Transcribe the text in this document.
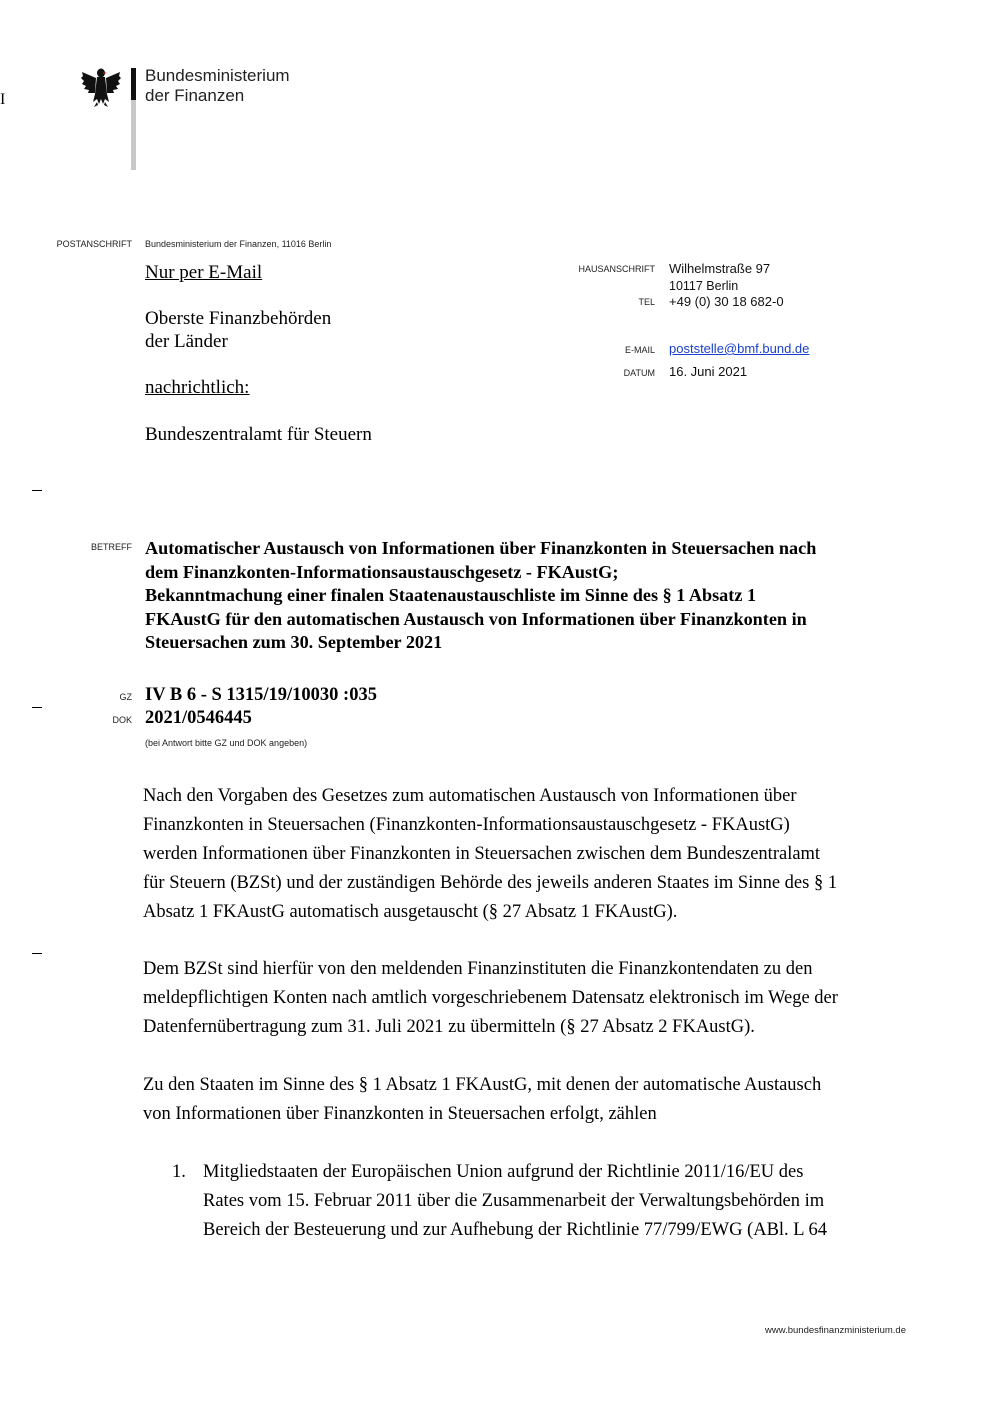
I
Bundesministerium
der Finanzen
POSTANSCHRIFT Bundesministerium der Finanzen, 11016 Berlin
Nur per E-Mail
Oberste Finanzbehörden
der Länder
nachrichtlich:
Bundeszentralamt für Steuern
HAUSANSCHRIFT Wilhelmstraße 97
10117 Berlin
TEL +49 (0) 30 18 682-0
E-MAIL poststelle@bmf.bund.de
DATUM 16. Juni 2021
BETREFF Automatischer Austausch von Informationen über Finanzkonten in Steuersachen nach
dem Finanzkonten-Informationsaustauschgesetz - FKAustG;
Bekanntmachung einer finalen Staatenaustauschliste im Sinne des § 1 Absatz 1
FKAustG für den automatischen Austausch von Informationen über Finanzkonten in
Steuersachen zum 30. September 2021
GZ IV B 6 - S 1315/19/10030 :035
DOK 2021/0546445
(bei Antwort bitte GZ und DOK angeben)

Nach den Vorgaben des Gesetzes zum automatischen Austausch von Informationen über

Finanzkonten in Steuersachen (Finanzkonten-Informationsaustauschgesetz - FKAustG)

werden Informationen über Finanzkonten in Steuersachen zwischen dem Bundeszentralamt

für Steuern (BZSt) und der zuständigen Behörde des jeweils anderen Staates im Sinne des § 1

Absatz 1 FKAustG automatisch ausgetauscht (§ 27 Absatz 1 FKAustG).

Dem BZSt sind hierfür von den meldenden Finanzinstituten die Finanzkontendaten zu den

meldepflichtigen Konten nach amtlich vorgeschriebenem Datensatz elektronisch im Wege der

Datenfernübertragung zum 31. Juli 2021 zu übermitteln (§ 27 Absatz 2 FKAustG).

Zu den Staaten im Sinne des § 1 Absatz 1 FKAustG, mit denen der automatische Austausch

von Informationen über Finanzkonten in Steuersachen erfolgt, zählen

1. Mitgliedstaaten der Europäischen Union aufgrund der Richtlinie 2011/16/EU des
Rates vom 15. Februar 2011 über die Zusammenarbeit der Verwaltungsbehörden im
Bereich der Besteuerung und zur Aufhebung der Richtlinie 77/799/EWG (ABl. L 64
www.bundesfinanzministerium.de
